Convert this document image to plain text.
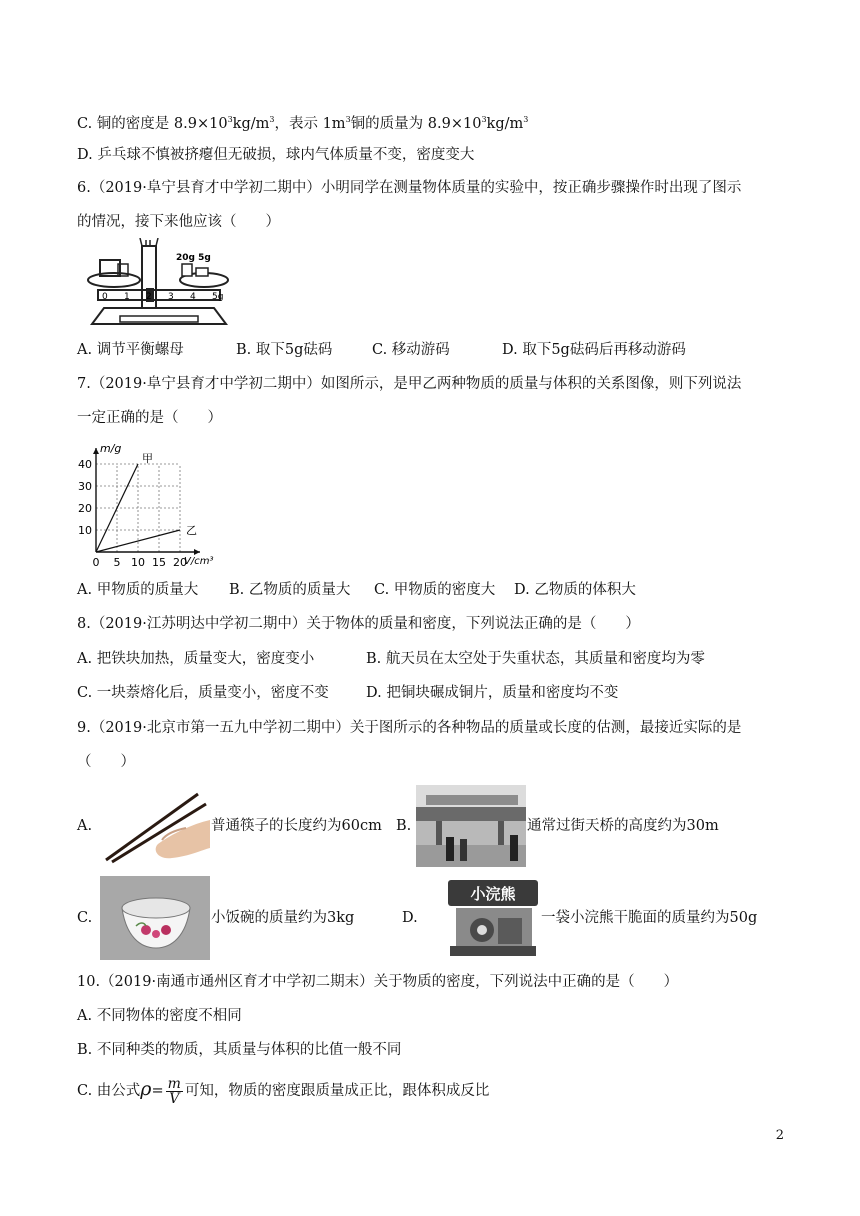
C. 铜的密度是 $8.9\times 10^3kg/m^3$，表示 $1m^3$铜的质量为 $8.9\times 10^3kg/m^3$
D. 乒乓球不慎被挤瘪但无破损，球内气体质量不变，密度变大
6.（2019·阜宁县育才中学初二期中）小明同学在测量物体质量的实验中，按正确步骤操作时出现了图示
的情况，接下来他应该（　　）
20g 5g
0 1 2 3 4 5g
A. 调节平衡螺母	B. 取下5g砝码	C. 移动游码	D. 取下5g砝码后再移动游码
7.（2019·阜宁县育才中学初二期中）如图所示，是甲乙两种物质的质量与体积的关系图像，则下列说法
一定正确的是（　　）
0 5 10 15 20
10
20
30
40
m/g
V/cm³
甲
乙
A. 甲物质的质量大 B. 乙物质的质量大 C. 甲物质的密度大 D. 乙物质的体积大
8.（2019·江苏明达中学初二期中）关于物体的质量和密度，下列说法正确的是（　　）
A. 把铁块加热，质量变大，密度变小	B. 航天员在太空处于失重状态，其质量和密度均为零
C. 一块萘熔化后，质量变小，密度不变	D. 把铜块碾成铜片，质量和密度均不变
9.（2019·北京市第一五九中学初二期中）关于图所示的各种物品的质量或长度的估测，最接近实际的是
（　　）
A.	普通筷子的长度约为60cm B.	通常过街天桥的高度约为30m
C.	小饭碗的质量约为3kg	D.
小浣熊
一袋小浣熊干脆面的质量约为50g
10.（2019·南通市通州区育才中学初二期末）关于物质的密度，下列说法中正确的是（　　）
A. 不同物体的密度不相同
B. 不同种类的物质，其质量与体积的比值一般不同
C. 由公式$\rho= \frac{m}{V}$ 可知，物质的密度跟质量成正比，跟体积成反比
2
